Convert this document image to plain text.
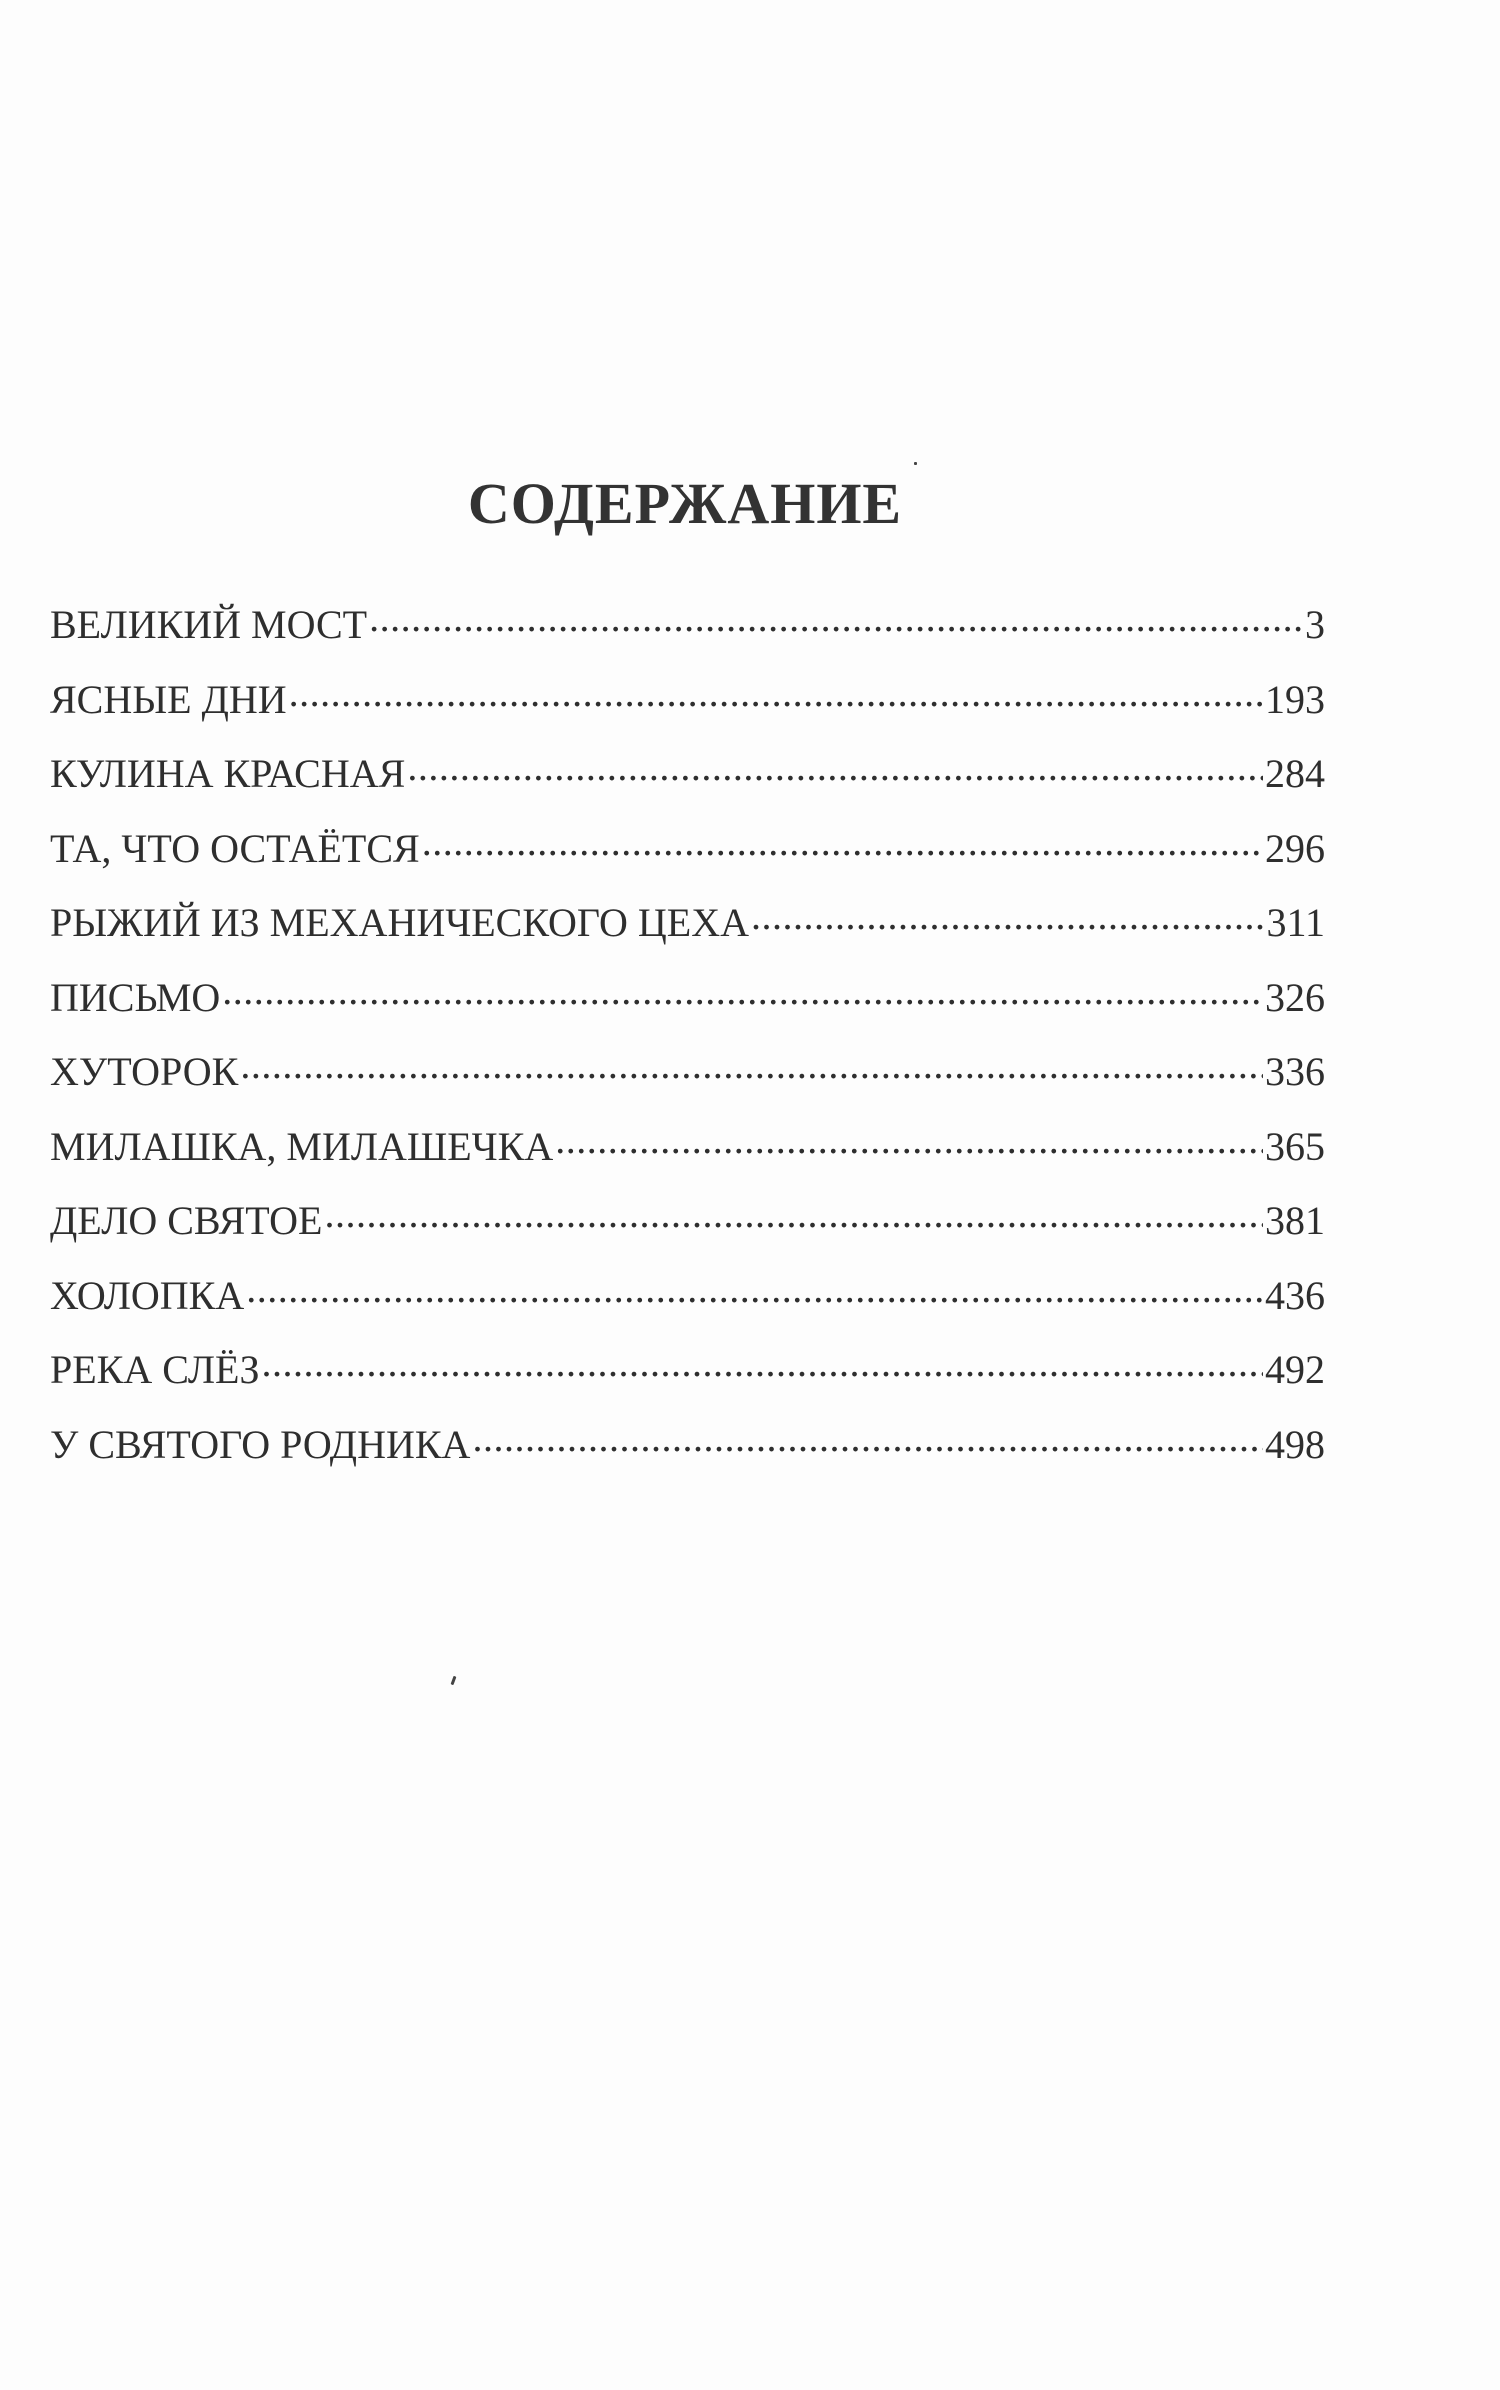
СОДЕРЖАНИЕ
ВЕЛИКИЙ МОСТ .....	3
ЯСНЫЕ ДНИ .....	193
КУЛИНА КРАСНАЯ .....	284
ТА, ЧТО ОСТАЁТСЯ .....	296
РЫЖИЙ ИЗ МЕХАНИЧЕСКОГО ЦЕХА .....	311
ПИСЬМО .....	326
ХУТОРОК .....	336
МИЛАШКА, МИЛАШЕЧКА .....	365
ДЕЛО СВЯТОЕ .....	381
ХОЛОПКА .....	436
РЕКА СЛЁЗ .....	492
У СВЯТОГО РОДНИКА .....	498
